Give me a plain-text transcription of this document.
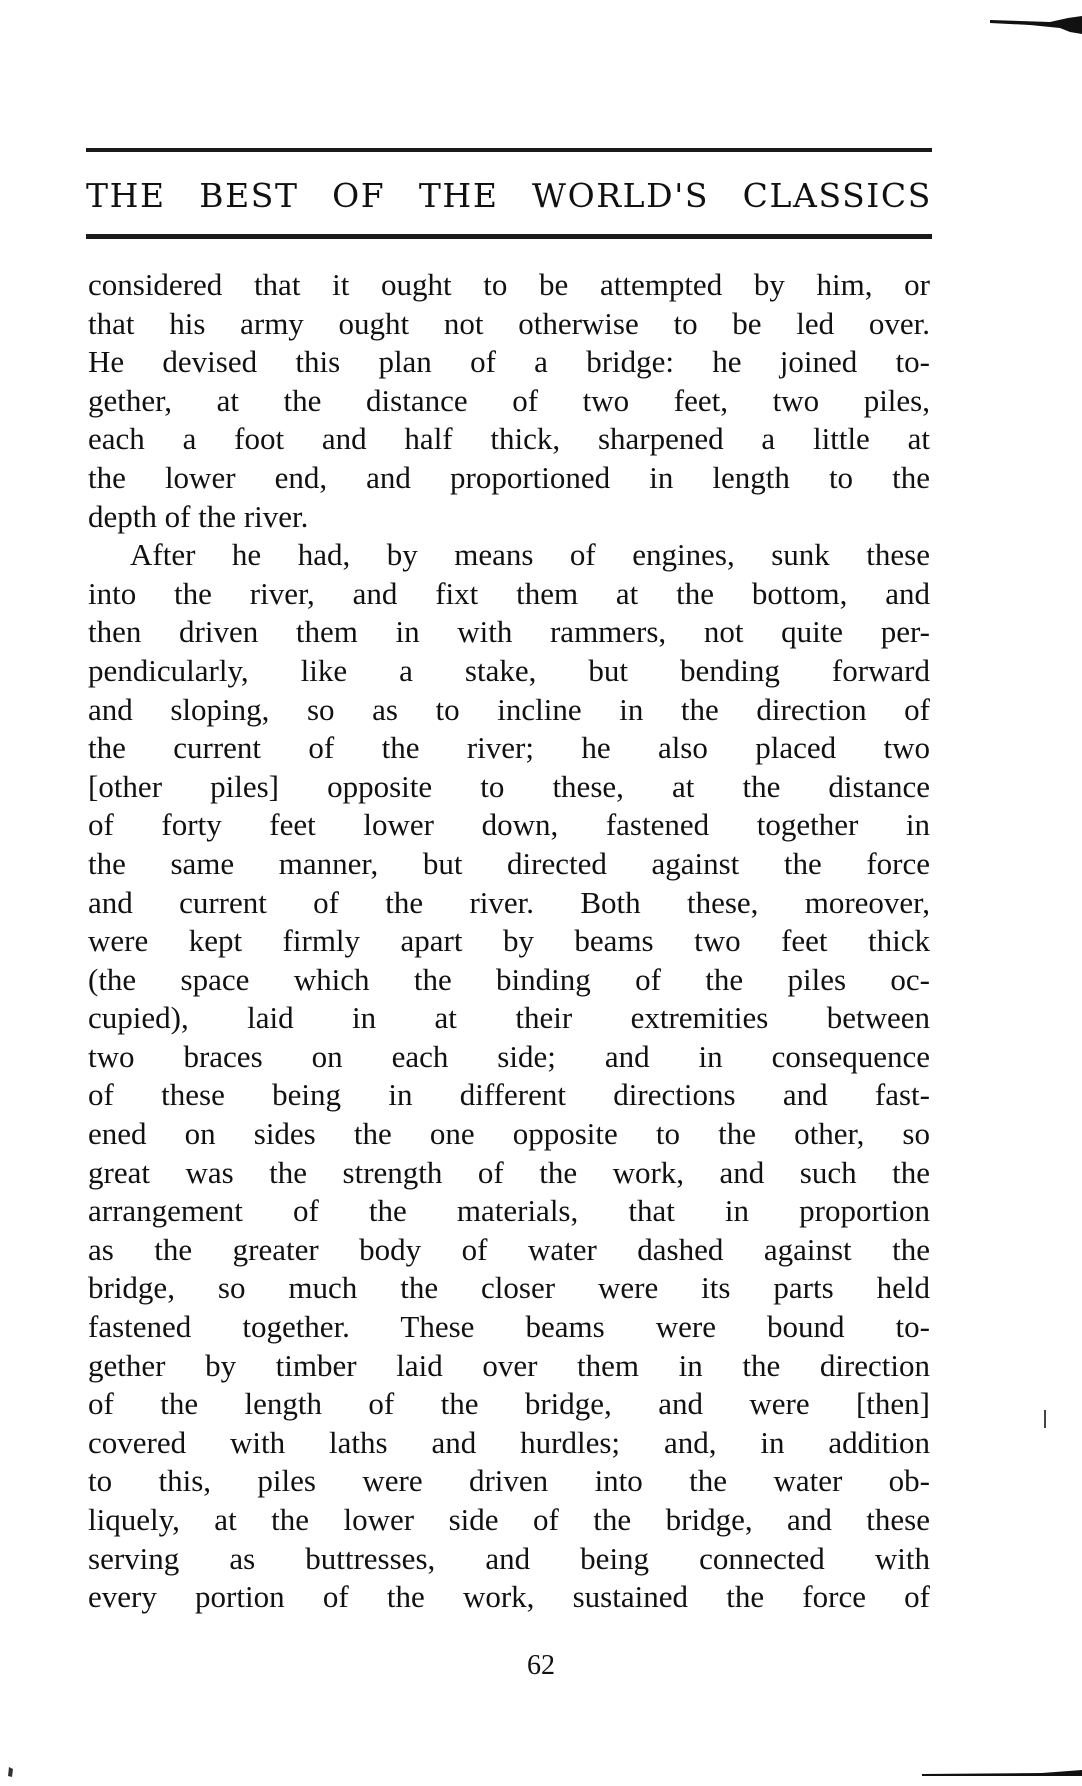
THE BEST OF THE WORLD'S CLASSICS
considered that it ought to be attempted by him, or
that his army ought not otherwise to be led over.
He devised this plan of a bridge: he joined to-
gether, at the distance of two feet, two piles,
each a foot and half thick, sharpened a little at
the lower end, and proportioned in length to the
depth of the river.
After he had, by means of engines, sunk these
into the river, and fixt them at the bottom, and
then driven them in with rammers, not quite per-
pendicularly, like a stake, but bending forward
and sloping, so as to incline in the direction of
the current of the river; he also placed two
[other piles] opposite to these, at the distance
of forty feet lower down, fastened together in
the same manner, but directed against the force
and current of the river. Both these, moreover,
were kept firmly apart by beams two feet thick
(the space which the binding of the piles oc-
cupied), laid in at their extremities between
two braces on each side; and in consequence
of these being in different directions and fast-
ened on sides the one opposite to the other, so
great was the strength of the work, and such the
arrangement of the materials, that in proportion
as the greater body of water dashed against the
bridge, so much the closer were its parts held
fastened together. These beams were bound to-
gether by timber laid over them in the direction
of the length of the bridge, and were [then]
covered with laths and hurdles; and, in addition
to this, piles were driven into the water ob-
liquely, at the lower side of the bridge, and these
serving as buttresses, and being connected with
every portion of the work, sustained the force of
62
